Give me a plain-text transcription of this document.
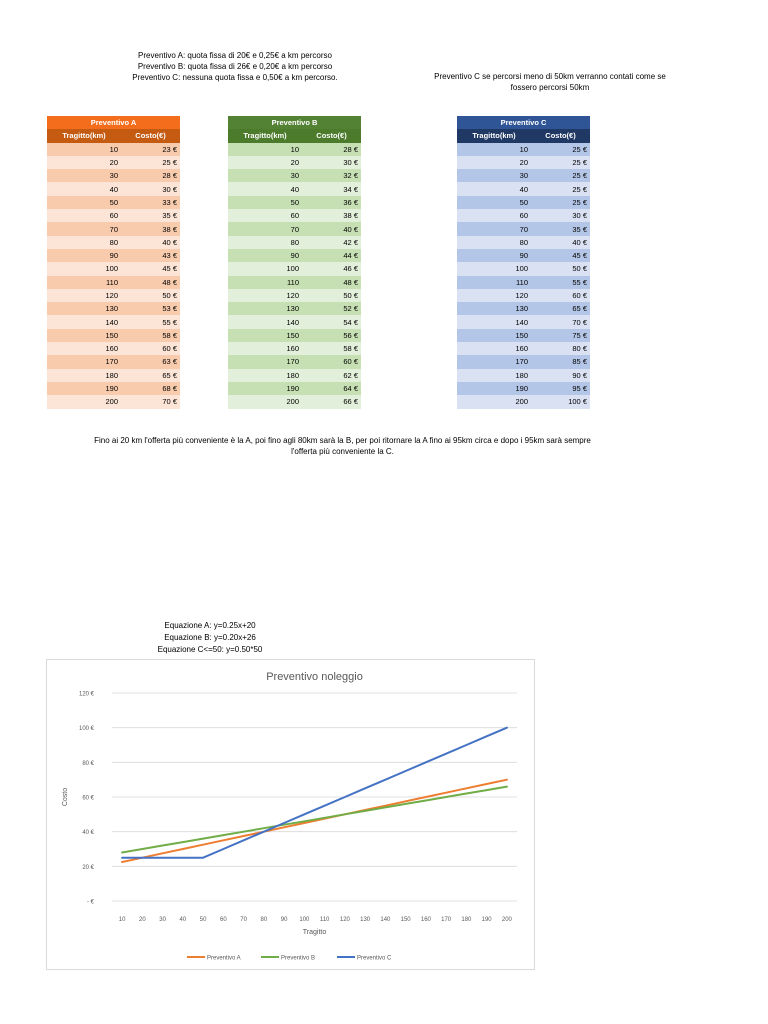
Preventivo A: quota fissa di 20€ e 0,25€ a km percorso
Preventivo B: quota fissa di 26€ e 0,20€ a km percorso
Preventivo C: nessuna quota fissa e 0,50€ a km percorso.	Preventivo C se percorsi meno di 50km verranno contati come se
fossero percorsi 50km
Preventivo A	
Tragitto(km)	Costo(€)
10	23 €
20	25 €
30	28 €
40	30 €
50	33 €
60	35 €
70	38 €
80	40 €
90	43 €
100	45 €
110	48 €
120	50 €
130	53 €
140	55 €
150	58 €
160	60 €
170	63 €
180	65 €
190	68 €
200	70 €
Preventivo B	
Tragitto(km)	Costo(€)
10	28 €
20	30 €
30	32 €
40	34 €
50	36 €
60	38 €
70	40 €
80	42 €
90	44 €
100	46 €
110	48 €
120	50 €
130	52 €
140	54 €
150	56 €
160	58 €
170	60 €
180	62 €
190	64 €
200	66 €
Preventivo C	
Tragitto(km)	Costo(€)
10	25 €
20	25 €
30	25 €
40	25 €
50	25 €
60	30 €
70	35 €
80	40 €
90	45 €
100	50 €
110	55 €
120	60 €
130	65 €
140	70 €
150	75 €
160	80 €
170	85 €
180	90 €
190	95 €
200	100 €
Fino ai 20 km l'offerta più conveniente è la A, poi fino agli 80km sarà la B, per poi ritornare la A fino ai 95km circa e dopo i 95km sarà sempre
l'offerta più conveniente la C.
Equazione A: y=0.25x+20
Equazione B: y=0.20x+26
Equazione C<=50: y=0.50*50
Preventivo noleggio
- €
20 €
40 €
60 €
80 €
100 €
120 €
10 20 30 40 50 60 70 80 90 100 110 120 130 140 150 160 170 180 190 200
Tragitto
Costo
Preventivo A	Preventivo B	Preventivo C
